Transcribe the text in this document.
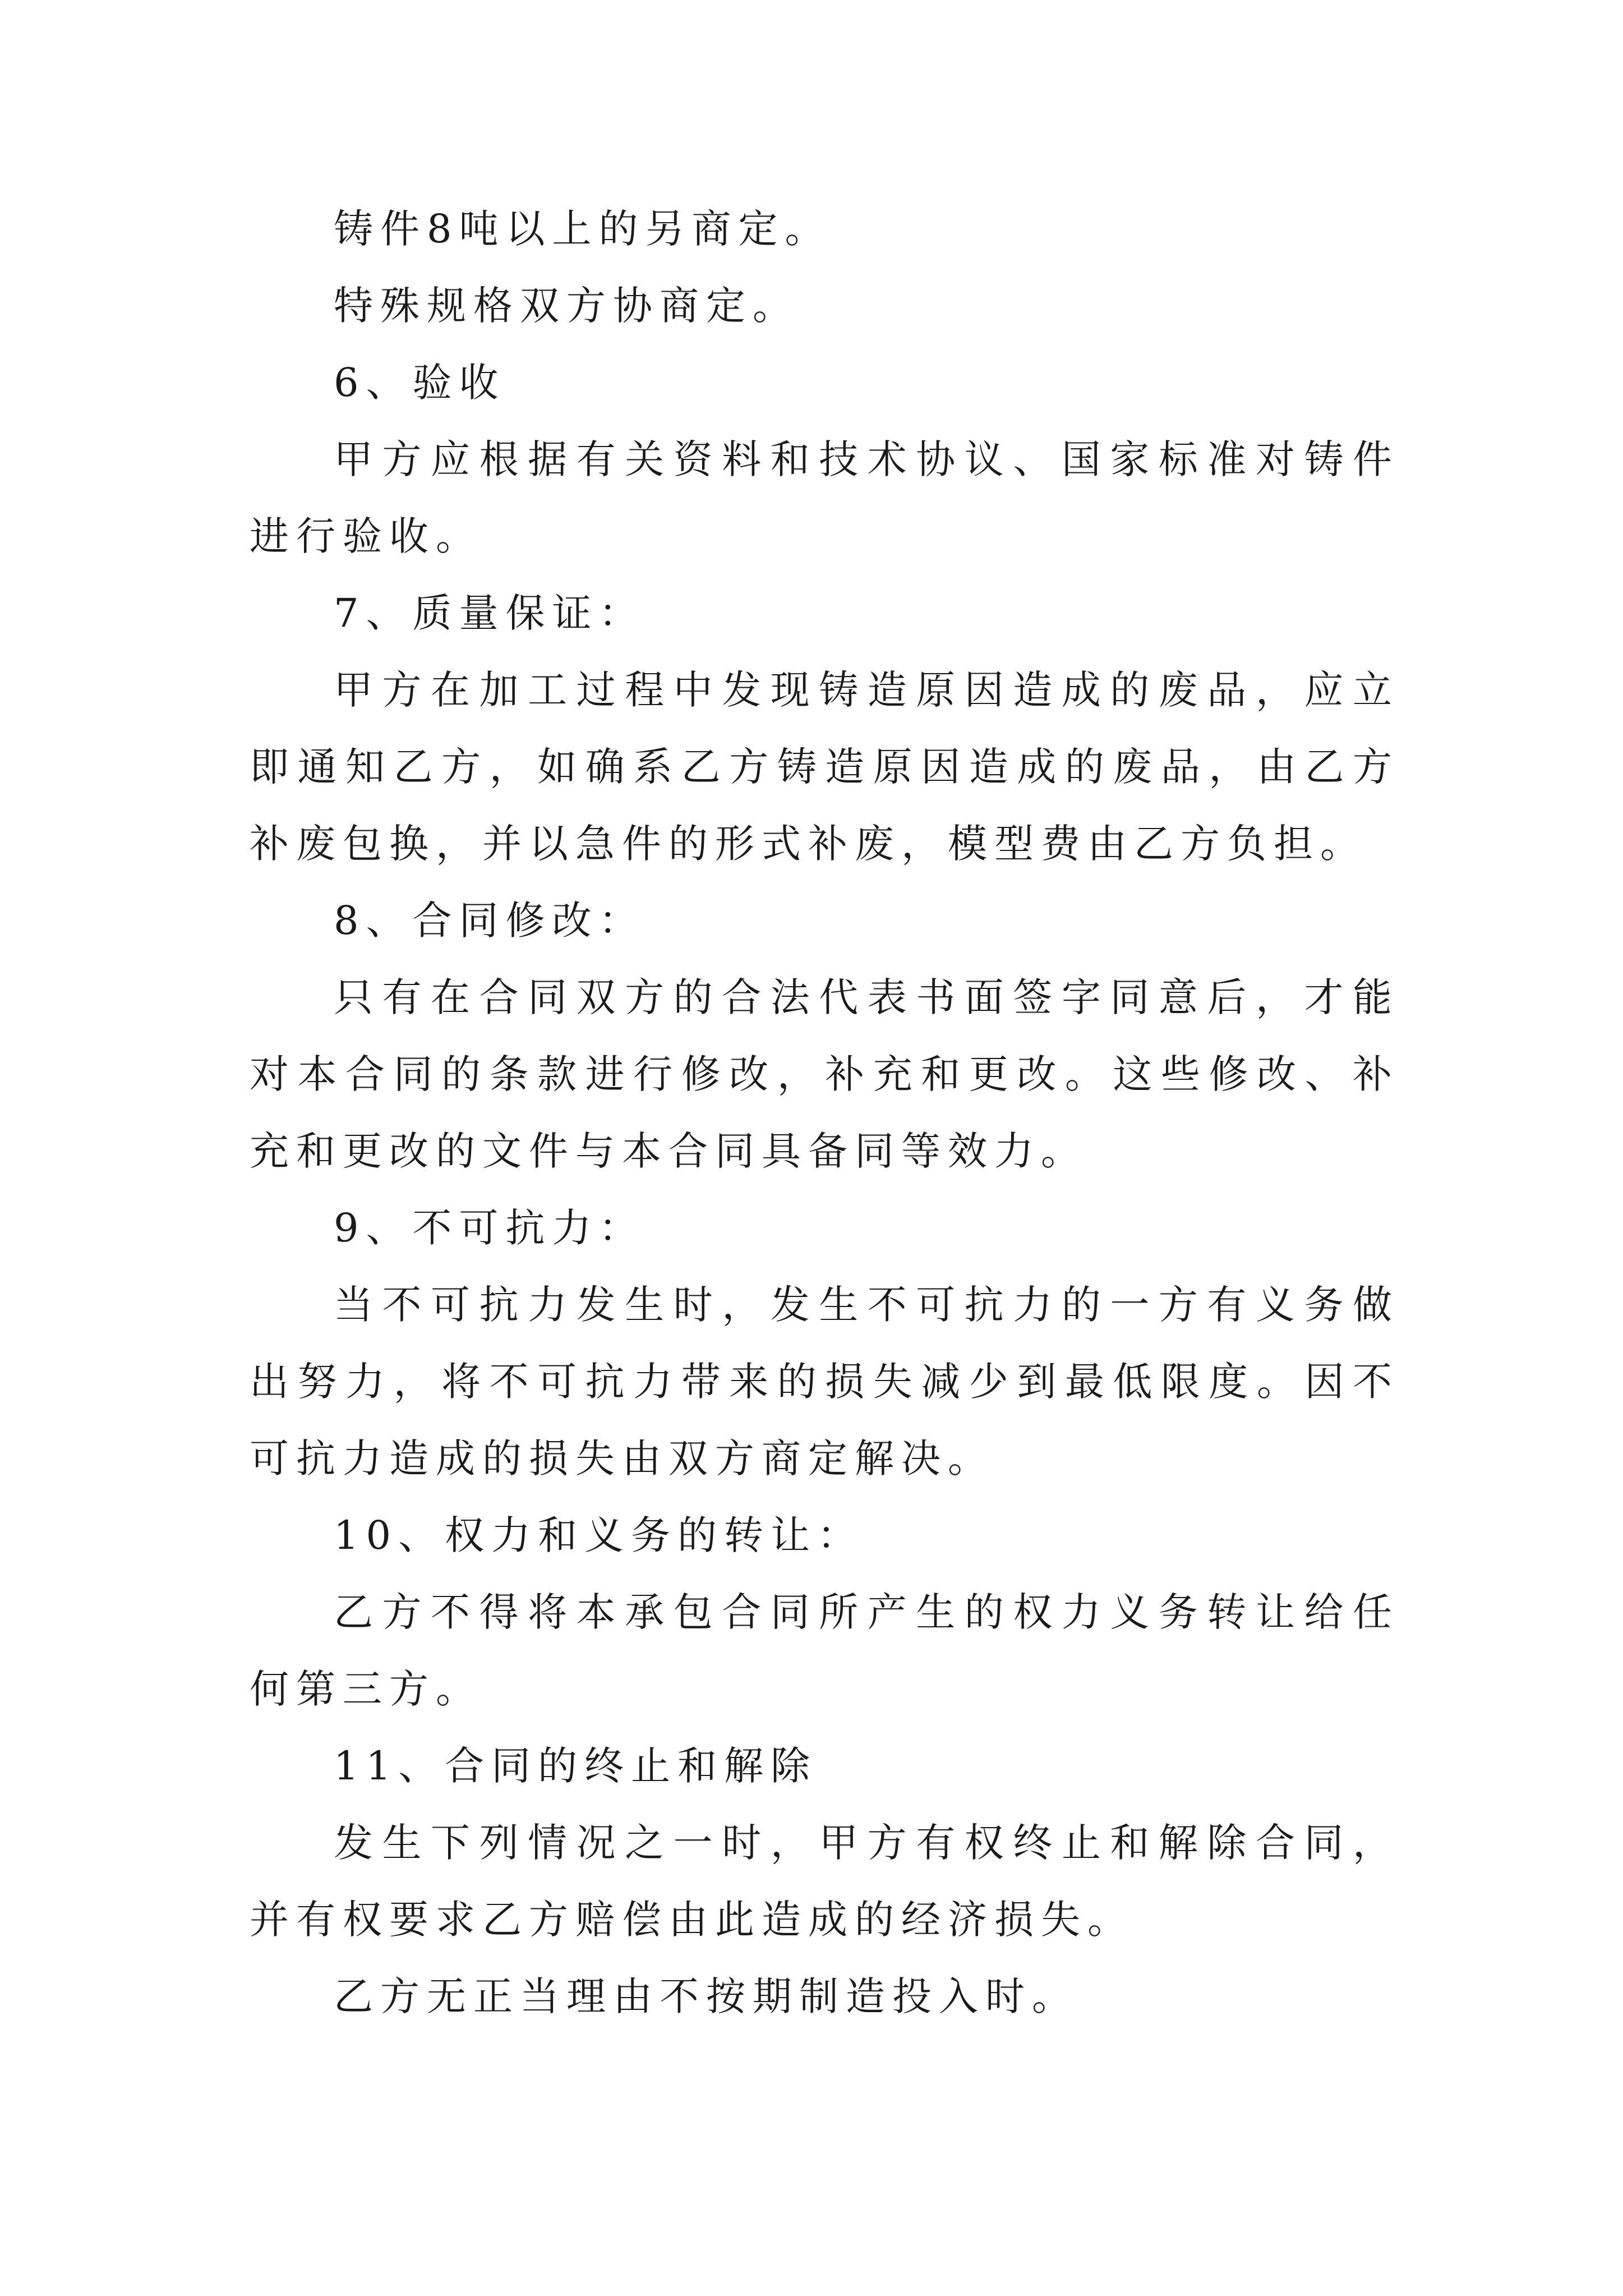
铸件8吨以上的另商定。

特殊规格双方协商定。

6、验收

甲方应根据有关资料和技术协议、国家标准对铸件进行验收。

7、质量保证：

甲方在加工过程中发现铸造原因造成的废品，应立即通知乙方，如确系乙方铸造原因造成的废品，由乙方补废包换，并以急件的形式补废，模型费由乙方负担。

8、合同修改：

只有在合同双方的合法代表书面签字同意后，才能对本合同的条款进行修改，补充和更改。这些修改、补充和更改的文件与本合同具备同等效力。

9、不可抗力：

当不可抗力发生时，发生不可抗力的一方有义务做出努力，将不可抗力带来的损失减少到最低限度。因不可抗力造成的损失由双方商定解决。

10、权力和义务的转让：

乙方不得将本承包合同所产生的权力义务转让给任何第三方。

11、合同的终止和解除

发生下列情况之一时，甲方有权终止和解除合同，并有权要求乙方赔偿由此造成的经济损失。

乙方无正当理由不按期制造投入时。
